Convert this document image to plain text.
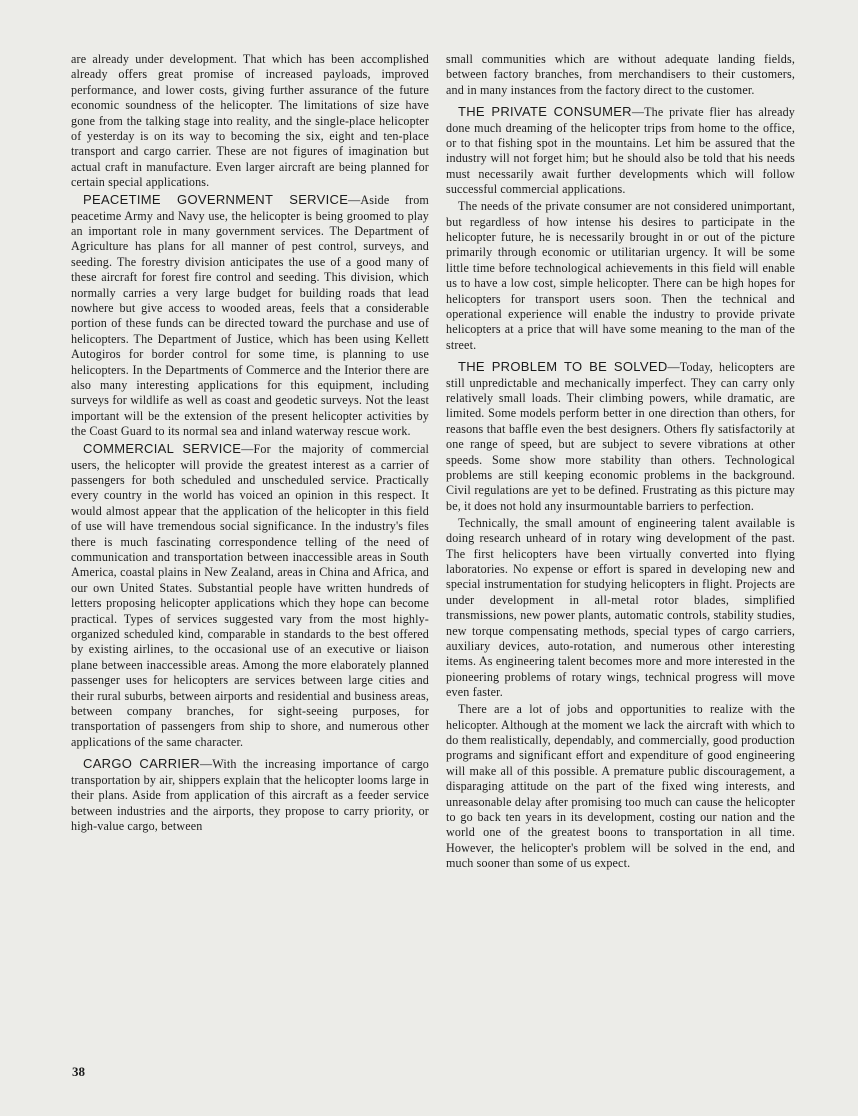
are already under development. That which has been accomplished already offers great promise of increased payloads, improved performance, and lower costs, giving further assurance of the future economic soundness of the helicopter. The limitations of size have gone from the talking stage into reality, and the single-place helicopter of yesterday is on its way to becoming the six, eight and ten-place transport and cargo carrier. These are not figures of imagination but actual craft in manufacture. Even larger aircraft are being planned for certain special applications.

PEACETIME GOVERNMENT SERVICE—Aside from peacetime Army and Navy use, the helicopter is being groomed to play an important role in many government services. The Department of Agriculture has plans for all manner of pest control, surveys, and seeding. The forestry division anticipates the use of a good many of these aircraft for forest fire control and seeding. This division, which normally carries a very large budget for building roads that lead nowhere but give access to wooded areas, feels that a considerable portion of these funds can be directed toward the purchase and use of helicopters. The Department of Justice, which has been using Kellett Autogiros for border control for some time, is planning to use helicopters. In the Departments of Commerce and the Interior there are also many interesting applications for this equipment, including surveys for wildlife as well as coast and geodetic surveys. Not the least important will be the extension of the present helicopter activities by the Coast Guard to its normal sea and inland waterway rescue work.

COMMERCIAL SERVICE—For the majority of commercial users, the helicopter will provide the greatest interest as a carrier of passengers for both scheduled and unscheduled service. Practically every country in the world has voiced an opinion in this respect. It would almost appear that the application of the helicopter in this field of use will have tremendous social significance. In the industry's files there is much fascinating correspondence telling of the need of communication and transportation between inaccessible areas in South America, coastal plains in New Zealand, areas in China and Africa, and our own United States. Substantial people have written hundreds of letters proposing helicopter applications which they hope can become practical. Types of services suggested vary from the most highly-organized scheduled kind, comparable in standards to the best offered by existing airlines, to the occasional use of an executive or liaison plane between inaccessible areas. Among the more elaborately planned passenger uses for helicopters are services between large cities and their rural suburbs, between airports and residential and business areas, between company branches, for sight-seeing purposes, for transportation of passengers from ship to shore, and numerous other applications of the same character.

CARGO CARRIER—With the increasing importance of cargo transportation by air, shippers explain that the helicopter looms large in their plans. Aside from application of this aircraft as a feeder service between industries and the airports, they propose to carry priority, or high-value cargo, between

small communities which are without adequate landing fields, between factory branches, from merchandisers to their customers, and in many instances from the factory direct to the customer.

THE PRIVATE CONSUMER—The private flier has already done much dreaming of the helicopter trips from home to the office, or to that fishing spot in the mountains. Let him be assured that the industry will not forget him; but he should also be told that his needs must necessarily await further developments which will follow successful commercial applications.

The needs of the private consumer are not considered unimportant, but regardless of how intense his desires to participate in the helicopter future, he is necessarily brought in or out of the picture primarily through economic or utilitarian urgency. It will be some little time before technological achievements in this field will enable us to have a low cost, simple helicopter. There can be high hopes for helicopters for transport users soon. Then the technical and operational experience will enable the industry to provide private helicopters at a price that will have some meaning to the man of the street.

THE PROBLEM TO BE SOLVED—Today, helicopters are still unpredictable and mechanically imperfect. They can carry only relatively small loads. Their climbing powers, while dramatic, are limited. Some models perform better in one direction than others, for reasons that baffle even the best designers. Others fly satisfactorily at one range of speed, but are subject to severe vibrations at other speeds. Some show more stability than others. Technological problems are still keeping economic problems in the background. Civil regulations are yet to be defined. Frustrating as this picture may be, it does not hold any insurmountable barriers to perfection.

Technically, the small amount of engineering talent available is doing research unheard of in rotary wing development of the past. The first helicopters have been virtually converted into flying laboratories. No expense or effort is spared in developing new and special instrumentation for studying helicopters in flight. Projects are under development in all-metal rotor blades, simplified transmissions, new power plants, automatic controls, stability studies, new torque compensating methods, special types of cargo carriers, auxiliary devices, auto-rotation, and numerous other interesting items. As engineering talent becomes more and more interested in the pioneering problems of rotary wings, technical progress will move even faster.

There are a lot of jobs and opportunities to realize with the helicopter. Although at the moment we lack the aircraft with which to do them realistically, dependably, and commercially, good production programs and significant effort and expenditure of good engineering will make all of this possible. A premature public discouragement, a disparaging attitude on the part of the fixed wing interests, and unreasonable delay after promising too much can cause the helicopter to go back ten years in its development, costing our nation and the world one of the greatest boons to transportation in all time. However, the helicopter's problem will be solved in the end, and much sooner than some of us expect.

38
